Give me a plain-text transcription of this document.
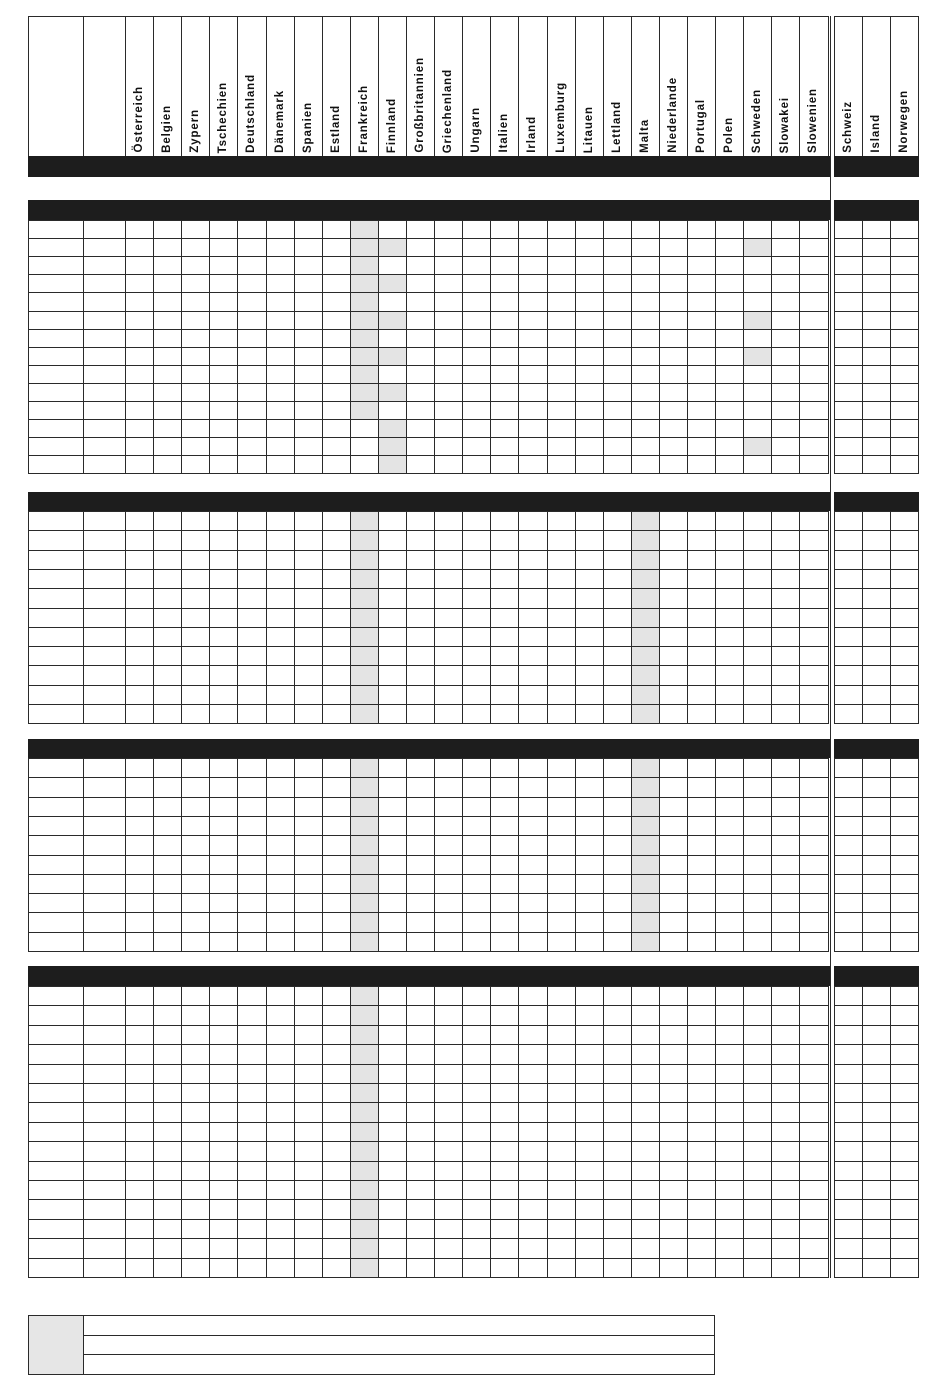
Österreich Belgien Zypern Tschechien Deutschland Dänemark Spanien Estland Frankreich Finnland Großbritannien Griechenland Ungarn Italien Irland Luxemburg Litauen Lettland Malta Niederlande Portugal Polen Schweden Slowakei Slowenien Schweiz Island Norwegen
